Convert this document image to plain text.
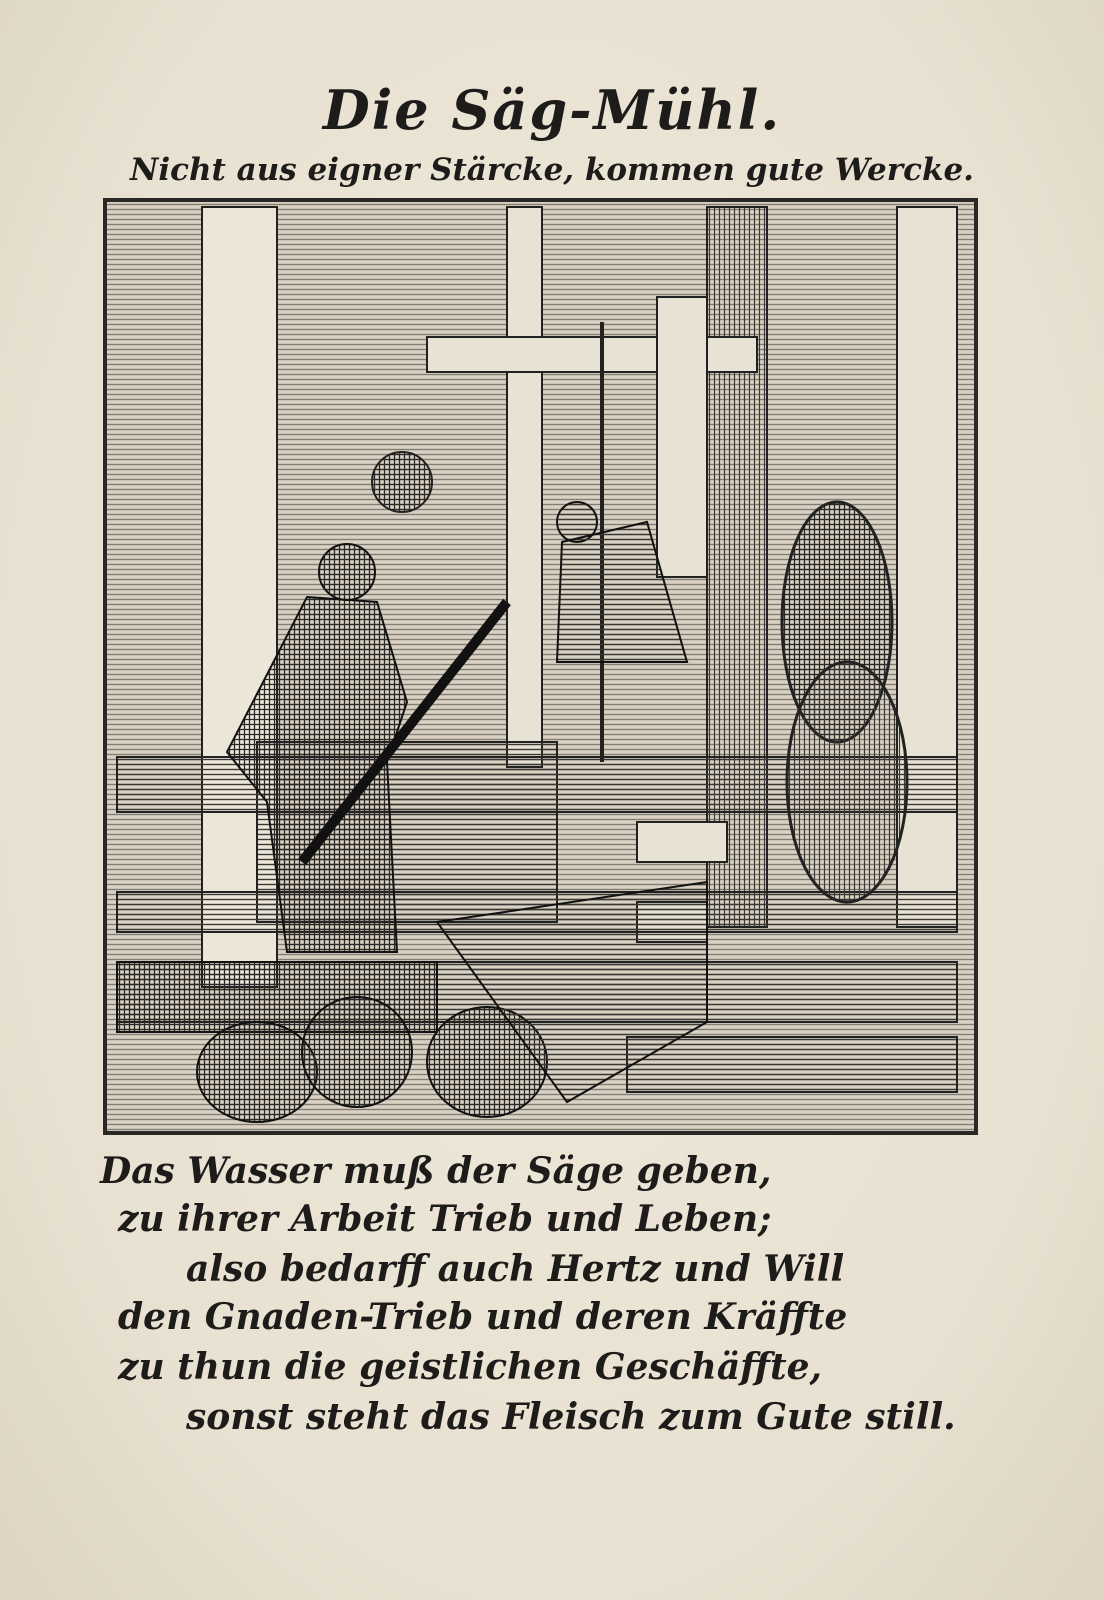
Die Säg-Mühl.
Nicht aus eigner Stärcke, kommen gute Wercke.
Das Wasser muß der Säge geben,
zu ihrer Arbeit Trieb und Leben;
also bedarff auch Hertz und Will
den Gnaden-Trieb und deren Kräffte
zu thun die geistlichen Geschäffte,
sonst steht das Fleisch zum Gute still.
